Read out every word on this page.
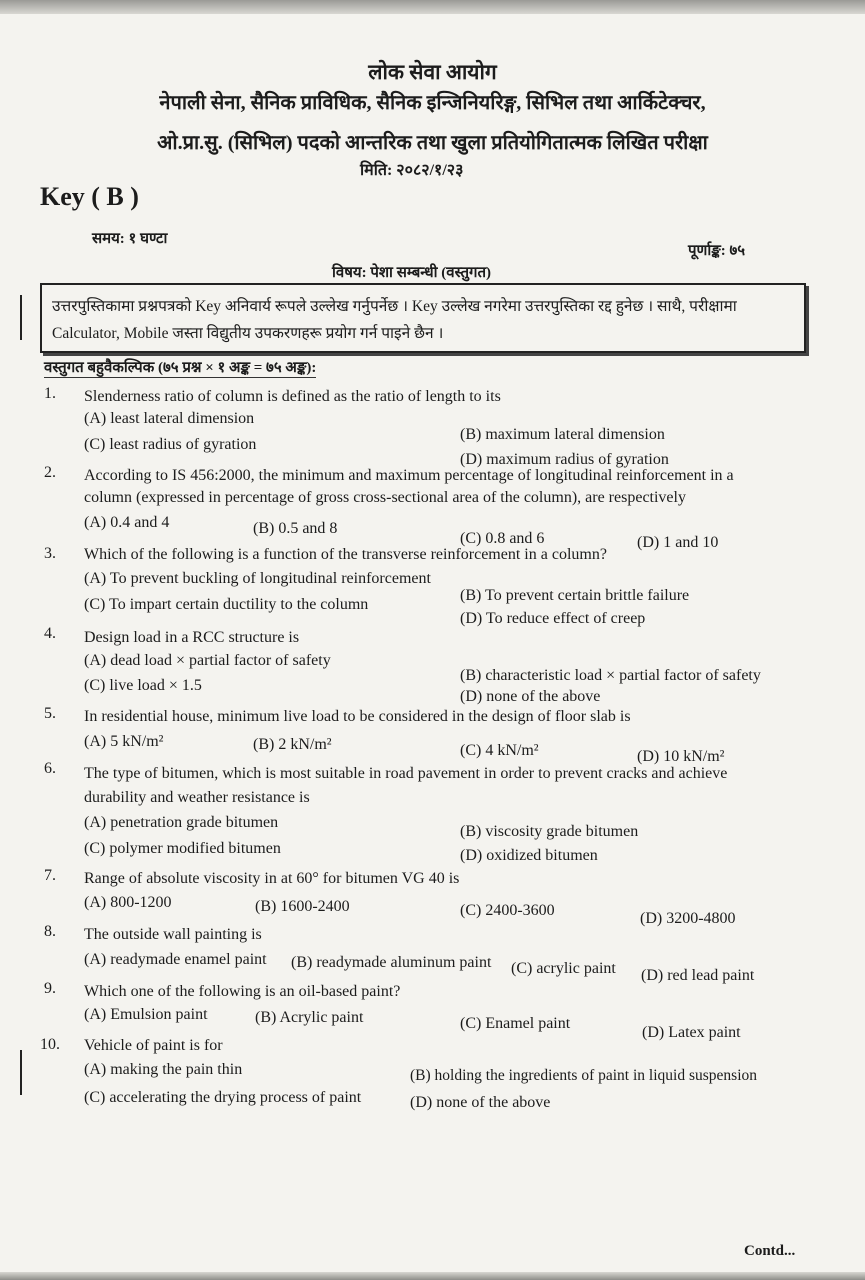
लोक सेवा आयोग
नेपाली सेना, सैनिक प्राविधिक, सैनिक इन्जिनियरिङ्ग, सिभिल तथा आर्किटेक्चर,
ओ.प्रा.सु. (सिभिल) पदको आन्तरिक तथा खुला प्रतियोगितात्मक लिखित परीक्षा
मिति: २०८२/१/२३
Key ( B )
समय: १ घण्टा
पूर्णाङ्क: ७५
विषय: पेशा सम्बन्धी (वस्तुगत)
उत्तरपुस्तिकामा प्रश्नपत्रको Key अनिवार्य रूपले उल्लेख गर्नुपर्नेछ । Key उल्लेख नगरेमा उत्तरपुस्तिका रद्द हुनेछ । साथै, परीक्षामा Calculator, Mobile जस्ता विद्युतीय उपकरणहरू प्रयोग गर्न पाइने छैन ।
वस्तुगत बहुवैकल्पिक (७५ प्रश्न × १ अङ्क = ७५ अङ्क):
1. Slenderness ratio of column is defined as the ratio of length to its
(A) least lateral dimension
(B) maximum lateral dimension
(C) least radius of gyration
(D) maximum radius of gyration
2. According to IS 456:2000, the minimum and maximum percentage of longitudinal reinforcement in a column (expressed in percentage of gross cross-sectional area of the column), are respectively
(A) 0.4 and 4	(B) 0.5 and 8
(C) 0.8 and 6	(D) 1 and 10
3. Which of the following is a function of the transverse reinforcement in a column?
(A) To prevent buckling of longitudinal reinforcement
(B) To prevent certain brittle failure
(C) To impart certain ductility to the column
(D) To reduce effect of creep
4. Design load in a RCC structure is
(A) dead load × partial factor of safety
(B) characteristic load × partial factor of safety
(C) live load × 1.5
(D) none of the above
5. In residential house, minimum live load to be considered in the design of floor slab is
(A) 5 kN/m²	(B) 2 kN/m²	(C) 4 kN/m²	(D) 10 kN/m²
6. The type of bitumen, which is most suitable in road pavement in order to prevent cracks and achieve durability and weather resistance is
(A) penetration grade bitumen
(B) viscosity grade bitumen
(C) polymer modified bitumen	(D) oxidized bitumen
7. Range of absolute viscosity in at 60° for bitumen VG 40 is
(A) 800-1200	(B) 1600-2400	(C) 2400-3600	(D) 3200-4800
8. The outside wall painting is
(A) readymade enamel paint (B) readymade aluminum paint (C) acrylic paint (D) red lead paint
9. Which one of the following is an oil-based paint?
(A) Emulsion paint	(B) Acrylic paint	(C) Enamel paint
(D) Latex paint
10. Vehicle of paint is for
(A) making the pain thin	(B) holding the ingredients of paint in liquid suspension
(C) accelerating the drying process of paint	(D) none of the above
Contd...
